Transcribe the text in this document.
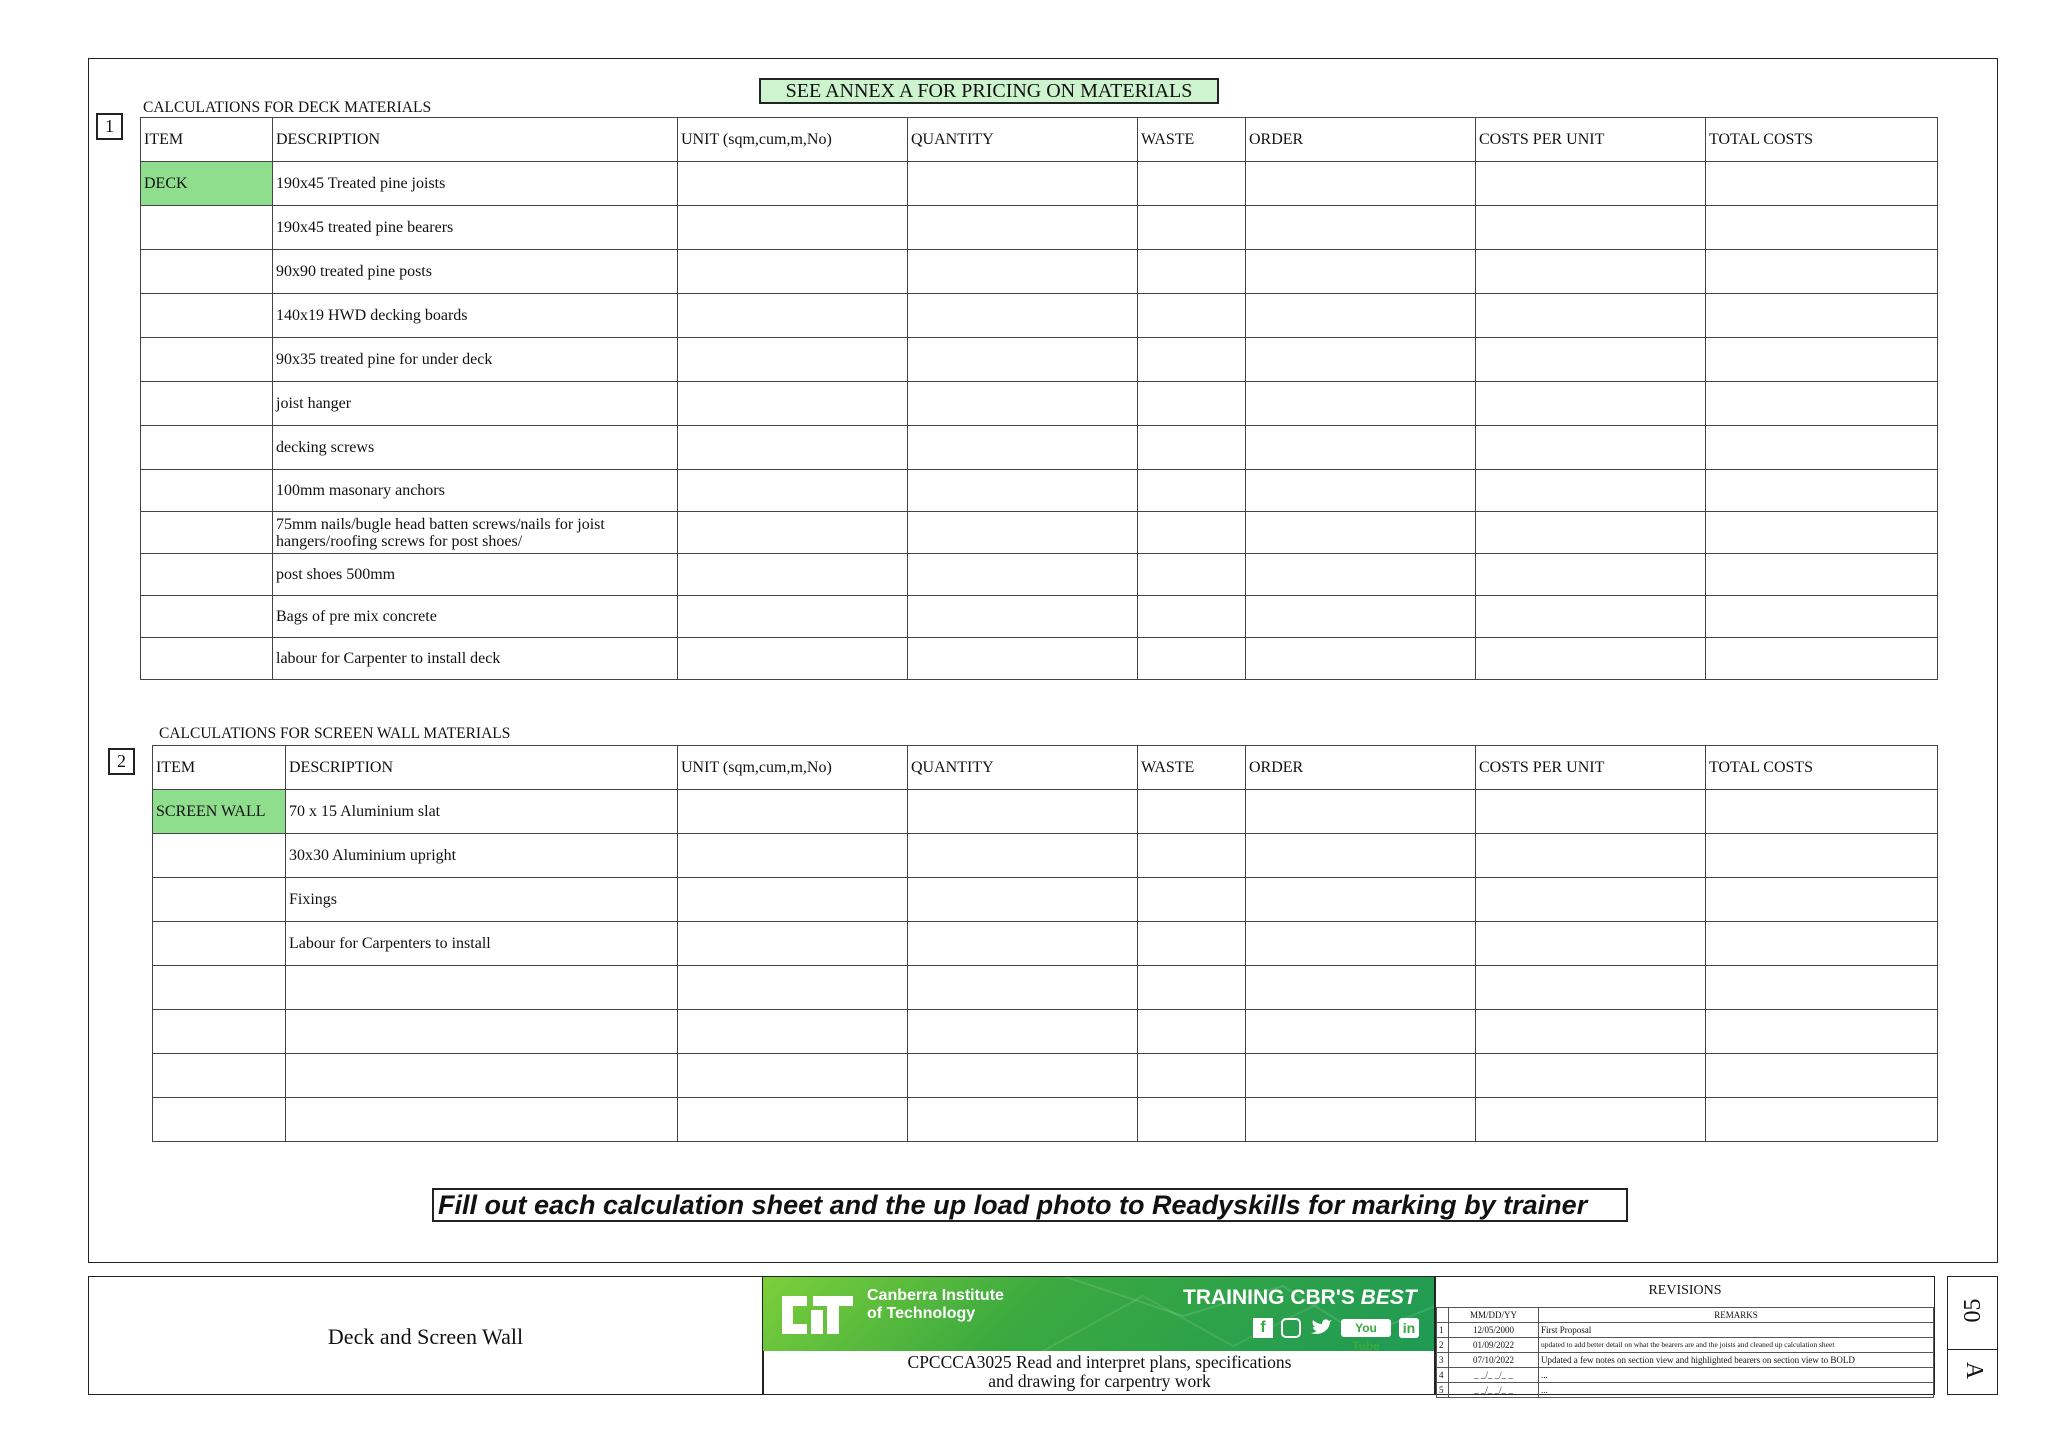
SEE ANNEX A FOR PRICING ON MATERIALS
1
CALCULATIONS FOR DECK MATERIALS
ITEM	DESCRIPTION	UNIT (sqm,cum,m,No)	QUANTITY	WASTE	ORDER	COSTS PER UNIT	TOTAL COSTS
DECK	190x45 Treated pine joists						
	190x45 treated pine bearers						
	90x90 treated pine posts						
	140x19 HWD decking boards						
	90x35 treated pine for under deck						
	joist hanger						
	decking screws						
	100mm masonary anchors						
	75mm nails/bugle head batten screws/nails for joist hangers/roofing screws for post shoes/						
	post shoes 500mm						
	Bags of pre mix concrete						
	labour for Carpenter to install deck						
2
CALCULATIONS FOR SCREEN WALL MATERIALS
ITEM	DESCRIPTION	UNIT (sqm,cum,m,No)	QUANTITY	WASTE	ORDER	COSTS PER UNIT	TOTAL COSTS
SCREEN WALL	70 x 15 Aluminium slat						
	30x30 Aluminium upright						
	Fixings						
	Labour for Carpenters to install						

Fill out each calculation sheet and the up load photo to Readyskills for marking by trainer
Deck and Screen Wall
Canberra Institute
of Technology
TRAINING CBR'S BEST
f	You Tube
in
CPCCCA3025 Read and interpret plans, specifications
and drawing for carpentry work
REVISIONS
	MM/DD/YY	REMARKS
1	12/05/2000	First Proposal
2	01/09/2022	updated to add better detail on what the bearers are and the joists and cleaned up calculation sheet
3	07/10/2022	Updated a few notes on section view and highlighted bearers on section view to BOLD
4	_ _/_ _/_ _	...
5	_ _/_ _/_ _	...
05
A
